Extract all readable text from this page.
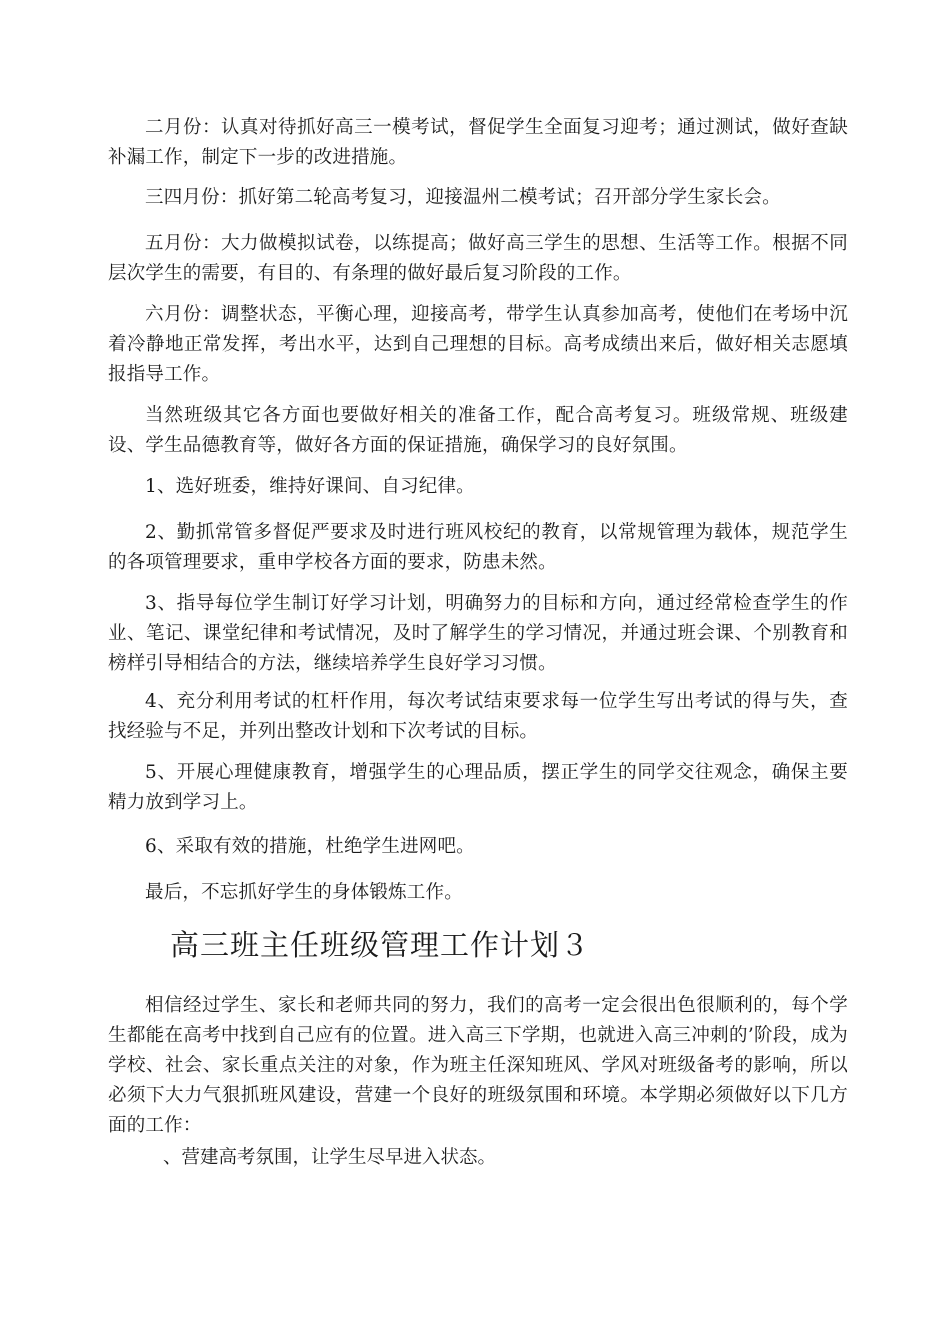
二月份：认真对待抓好高三一模考试，督促学生全面复习迎考；通过测试，做好查缺补漏工作，制定下一步的改进措施。

三四月份：抓好第二轮高考复习，迎接温州二模考试；召开部分学生家长会。

五月份：大力做模拟试卷，以练提高；做好高三学生的思想、生活等工作。根据不同层次学生的需要，有目的、有条理的做好最后复习阶段的工作。

六月份：调整状态，平衡心理，迎接高考，带学生认真参加高考，使他们在考场中沉着冷静地正常发挥，考出水平，达到自己理想的目标。高考成绩出来后，做好相关志愿填报指导工作。

当然班级其它各方面也要做好相关的准备工作，配合高考复习。班级常规、班级建设、学生品德教育等，做好各方面的保证措施，确保学习的良好氛围。

1、选好班委，维持好课间、自习纪律。

2、勤抓常管多督促严要求及时进行班风校纪的教育，以常规管理为载体，规范学生的各项管理要求，重申学校各方面的要求，防患未然。

3、指导每位学生制订好学习计划，明确努力的目标和方向，通过经常检查学生的作业、笔记、课堂纪律和考试情况，及时了解学生的学习情况，并通过班会课、个别教育和榜样引导相结合的方法，继续培养学生良好学习习惯。

4、充分利用考试的杠杆作用，每次考试结束要求每一位学生写出考试的得与失，查找经验与不足，并列出整改计划和下次考试的目标。

5、开展心理健康教育，增强学生的心理品质，摆正学生的同学交往观念，确保主要精力放到学习上。

6、采取有效的措施，杜绝学生进网吧。

最后，不忘抓好学生的身体锻炼工作。

高三班主任班级管理工作计划３

相信经过学生、家长和老师共同的努力，我们的高考一定会很出色很顺利的，每个学生都能在高考中找到自己应有的位置。进入高三下学期，也就进入高三冲刺的’阶段，成为学校、社会、家长重点关注的对象，作为班主任深知班风、学风对班级备考的影响，所以必须下大力气狠抓班风建设，营建一个良好的班级氛围和环境。本学期必须做好以下几方面的工作：

、营建高考氛围，让学生尽早进入状态。
